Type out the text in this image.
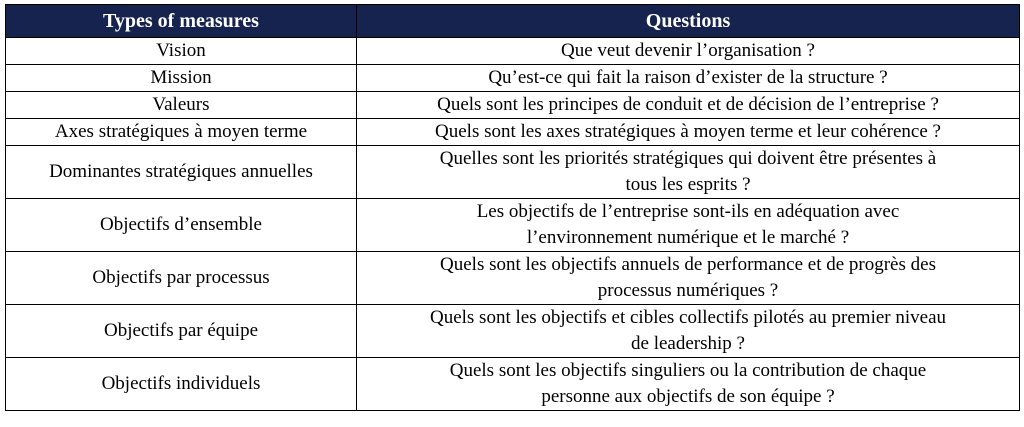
Types of measures	Questions
Vision	Que veut devenir l’organisation ?
Mission	Qu’est-ce qui fait la raison d’exister de la structure ?
Valeurs	Quels sont les principes de conduit et de décision de l’entreprise ?
Axes stratégiques à moyen terme	Quels sont les axes stratégiques à moyen terme et leur cohérence ?
Dominantes stratégiques annuelles	Quelles sont les priorités stratégiques qui doivent être présentes à
tous les esprits ?
Objectifs d’ensemble	Les objectifs de l’entreprise sont-ils en adéquation avec
l’environnement numérique et le marché ?
Objectifs par processus	Quels sont les objectifs annuels de performance et de progrès des
processus numériques ?
Objectifs par équipe	Quels sont les objectifs et cibles collectifs pilotés au premier niveau
de leadership ?
Objectifs individuels	Quels sont les objectifs singuliers ou la contribution de chaque
personne aux objectifs de son équipe ?
